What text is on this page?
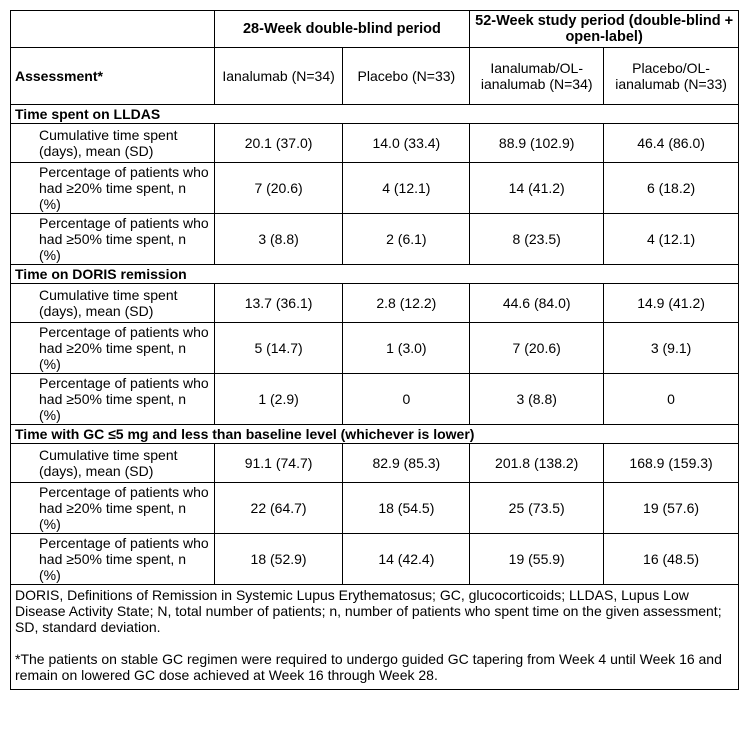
	28-Week double-blind period		52-Week study period (double-blind + open-label)	
Assessment*	Ianalumab (N=34)	Placebo (N=33)	Ianalumab/OL-ianalumab (N=34)	Placebo/OL-ianalumab (N=33)
Time spent on LLDAS				
Cumulative time spent (days), mean (SD)	20.1 (37.0)	14.0 (33.4)	88.9 (102.9)	46.4 (86.0)
Percentage of patients who had ≥20% time spent, n (%)	7 (20.6)	4 (12.1)	14 (41.2)	6 (18.2)
Percentage of patients who had ≥50% time spent, n (%)	3 (8.8)	2 (6.1)	8 (23.5)	4 (12.1)
Time on DORIS remission				
Cumulative time spent (days), mean (SD)	13.7 (36.1)	2.8 (12.2)	44.6 (84.0)	14.9 (41.2)
Percentage of patients who had ≥20% time spent, n (%)	5 (14.7)	1 (3.0)	7 (20.6)	3 (9.1)
Percentage of patients who had ≥50% time spent, n (%)	1 (2.9)	0	3 (8.8)	0
Time with GC ≤5 mg and less than baseline level (whichever is lower)				
Cumulative time spent (days), mean (SD)	91.1 (74.7)	82.9 (85.3)	201.8 (138.2)	168.9 (159.3)
Percentage of patients who had ≥20% time spent, n (%)	22 (64.7)	18 (54.5)	25 (73.5)	19 (57.6)
Percentage of patients who had ≥50% time spent, n (%)	18 (52.9)	14 (42.4)	19 (55.9)	16 (48.5)

DORIS, Definitions of Remission in Systemic Lupus Erythematosus; GC, glucocorticoids; LLDAS, Lupus Low Disease Activity State; N, total number of patients; n, number of patients who spent time on the given assessment; SD, standard deviation.

*The patients on stable GC regimen were required to undergo guided GC tapering from Week 4 until Week 16 and remain on lowered GC dose achieved at Week 16 through Week 28.				
